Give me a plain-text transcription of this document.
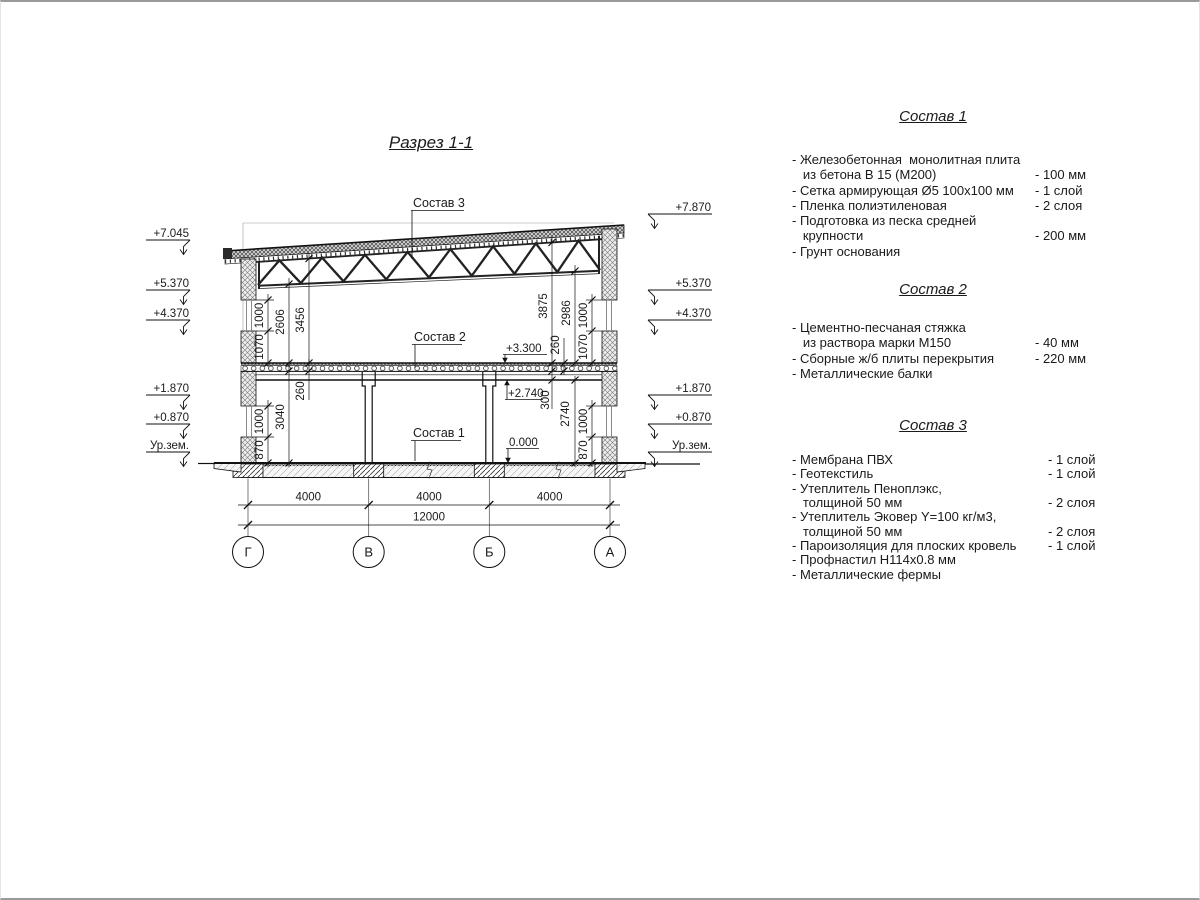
4000	4000	4000
12000
Г	В	Б	А
+7.045
+5.370
+4.370
+1.870
+0.870
Ур.зем.
+7.870
+5.370
+4.370
+1.870
+0.870
Ур.зем.
1000
1070
1000
870
2606 3456
3040
260
3875
260
2986
1070
1000
300
2740 1000
870
+3.300
+2.740
0.000
Состав 3
Состав 2
Состав 1
Разрез 1-1
Состав 1
- Железобетонная  монолитная плита
из бетона В 15 (М200)	- 100 мм
- Сетка армирующая Ø5 100х100 мм	- 1 слой
- Пленка полиэтиленовая	- 2 слоя
- Подготовка из песка средней
крупности	- 200 мм
- Грунт основания
Состав 2
- Цементно-песчаная стяжка
из раствора марки М150	- 40 мм
- Сборные ж/б плиты перекрытия	- 220 мм
- Металлические балки
Состав 3
- Мембрана ПВХ	- 1 слой
- Геотекстиль	- 1 слой
- Утеплитель Пеноплэкс,
толщиной 50 мм	- 2 слоя
- Утеплитель Эковер Y=100 кг/м3,
толщиной 50 мм	- 2 слоя
- Пароизоляция для плоских кровель	- 1 слой
- Профнастил Н114х0.8 мм
- Металлические фермы
